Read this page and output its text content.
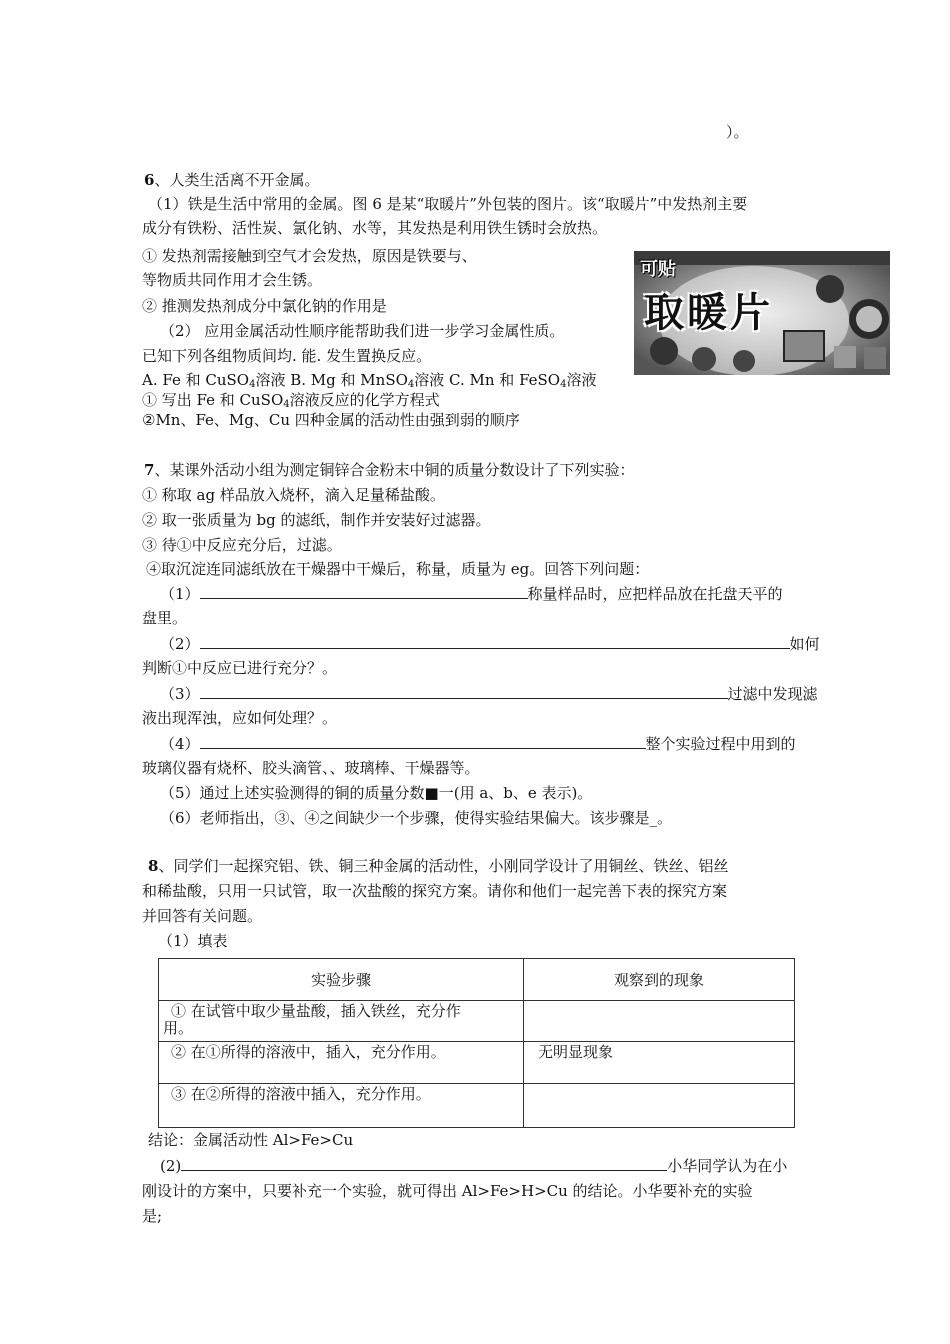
）。
6、人类生活离不开金属。
（1）铁是生活中常用的金属。图 6 是某“取暖片”外包装的图片。该“取暖片”中发热剂主要
成分有铁粉、活性炭、氯化钠、水等，其发热是利用铁生锈时会放热。
① 发热剂需接触到空气才会发热，原因是铁要与、
等物质共同作用才会生锈。
② 推测发热剂成分中氯化钠的作用是
（2） 应用金属活动性顺序能帮助我们进一步学习金属性质。
已知下列各组物质间均. 能. 发生置换反应。
A. Fe 和 CuSO$_4$溶液 B. Mg 和 MnSO$_4$溶液 C. Mn 和 FeSO$_4$溶液
① 写出 Fe 和 CuSO$_4$溶液反应的化学方程式
②Mn、Fe、Mg、Cu 四种金属的活动性由强到弱的顺序
可贴
取暖片
7、某课外活动小组为测定铜锌合金粉末中铜的质量分数设计了下列实验：
① 称取 ag 样品放入烧杯，滴入足量稀盐酸。
② 取一张质量为 bg 的滤纸，制作并安装好过滤器。
③ 待①中反应充分后，过滤。
④取沉淀连同滤纸放在干燥器中干燥后，称量，质量为 eg。回答下列问题：
（1）	称量样品时，应把样品放在托盘天平的
盘里。
（2）	如何
判断①中反应已进行充分？。
（3）	过滤中发现滤
液出现浑浊，应如何处理？。
（4）	整个实验过程中用到的
玻璃仪器有烧杯、胶头滴管、、玻璃棒、干燥器等。
（5）通过上述实验测得的铜的质量分数■一(用 a、b、e 表示)。
（6）老师指出，③、④之间缺少一个步骤，使得实验结果偏大。该步骤是_。
8、同学们一起探究铝、铁、铜三种金属的活动性，小刚同学设计了用铜丝、铁丝、铝丝
和稀盐酸，只用一只试管，取一次盐酸的探究方案。请你和他们一起完善下表的探究方案
并回答有关问题。
（1）填表
实验步骤	观察到的现象

① 在试管中取少量盐酸，插入铁丝，充分作
用。	

② 在①所得的溶液中，插入，充分作用。	无明显现象
③ 在②所得的溶液中插入，充分作用。	
结论：金属活动性 Al>Fe>Cu
(2)	小华同学认为在小
刚设计的方案中，只要补充一个实验，就可得出 Al>Fe>H>Cu 的结论。小华要补充的实验
是;
